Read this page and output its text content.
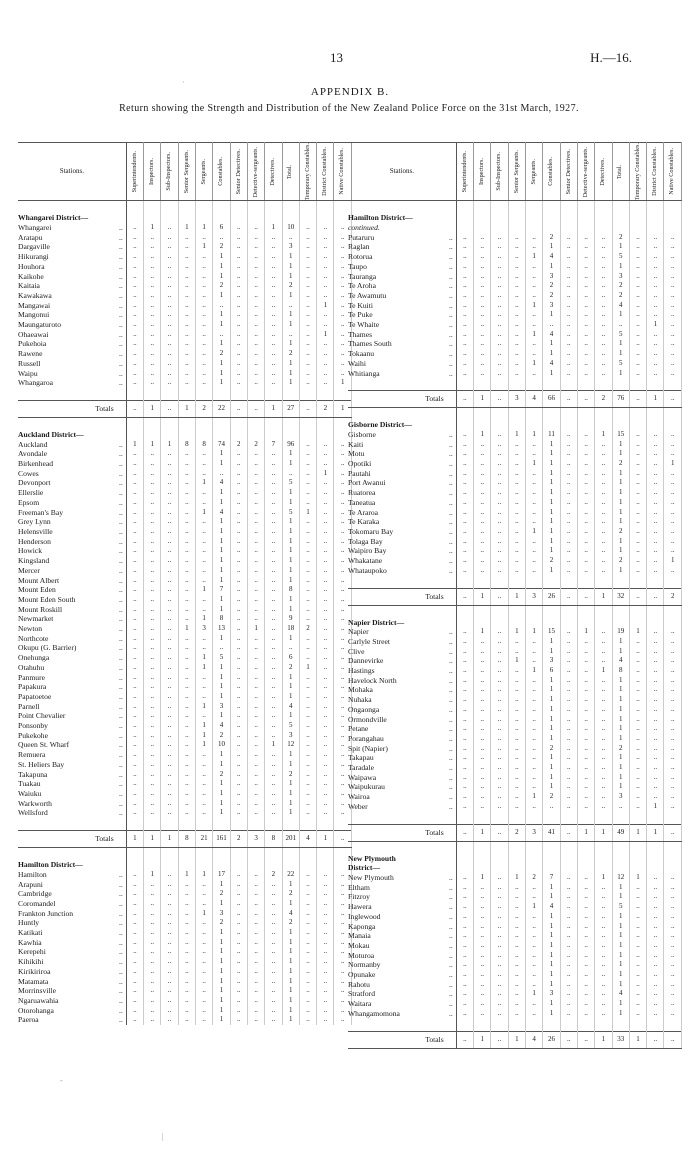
13	H.—16.
APPENDIX B.
Return showing the Strength and Distribution of the New Zealand Police Force on the 31st March, 1927.
Stations.	Superintendents.	Inspectors.	Sub-Inspectors.	Senior Sergeants.	Sergeants.	Constables.	Senior Detectives.	Detective-sergeants.	Detectives.	Total.	Temporary Constables.	District Constables.	Native Constables.

Whangarei District—													
Whangarei ..	..	1	..	1	1	6	..	..	1	10	..	..	..
Aratapu ..	..	..	..	..	..	..	..	..	..	..	..	..	..
Dargaville ..	..	..	..	..	1	2	..	..	..	3	..	..	..
Hikurangi ..	..	..	..	..	..	1	..	..	..	1	..	..	..
Houhora ..	..	..	..	..	..	1	..	..	..	1	..	..	..
Kaikohe ..	..	..	..	..	..	1	..	..	..	1	..	..	..
Kaitaia ..	..	..	..	..	..	2	..	..	..	2	..	..	..
Kawakawa ..	..	..	..	..	..	1	..	..	..	1	..	..	..
Mangawai ..	..	..	..	..	..	..	..	..	..	..	..	1	..
Mangonui ..	..	..	..	..	..	1	..	..	..	1	..	..	..
Maungaturoto ..	..	..	..	..	..	1	..	..	..	1	..	..	..
Ohaeawai ..	..	..	..	..	..	..	..	..	..	..	..	1	..
Pukehoia ..	..	..	..	..	..	1	..	..	..	1	..	..	..
Rawene ..	..	..	..	..	..	2	..	..	..	2	..	..	..
Russell ..	..	..	..	..	..	1	..	..	..	1	..	..	..
Waipu ..	..	..	..	..	..	1	..	..	..	1	..	..	..
Whangaroa ..	..	..	..	..	..	1	..	..	..	1	..	..	1

Totals	..	1	..	1	2	22	..	..	1	27	..	2	1

Auckland District—													
Auckland ..	1	1	1	8	8	74	2	2	7	96	..	..	..
Avondale ..	..	..	..	..	..	1	..	..	..	1	..	..	..
Birkenhead ..	..	..	..	..	..	1	..	..	..	1	..	..	..
Cowes ..	..	..	..	..	..	..	..	..	..	..	..	1	..
Devonport ..	..	..	..	..	1	4	..	..	..	5	..	..	..
Ellerslie ..	..	..	..	..	..	1	..	..	..	1	..	..	..
Epsom ..	..	..	..	..	..	1	..	..	..	1	..	..	..
Freeman's Bay ..	..	..	..	..	1	4	..	..	..	5	1	..	..
Grey Lynn ..	..	..	..	..	..	1	..	..	..	1	..	..	..
Helensville ..	..	..	..	..	..	1	..	..	..	1	..	..	..
Henderson ..	..	..	..	..	..	1	..	..	..	1	..	..	..
Howick ..	..	..	..	..	..	1	..	..	..	1	..	..	..
Kingsland ..	..	..	..	..	..	1	..	..	..	1	..	..	..
Mercer ..	..	..	..	..	..	1	..	..	..	1	..	..	..
Mount Albert ..	..	..	..	..	..	1	..	..	..	1	..	..	..
Mount Eden ..	..	..	..	..	1	7	..	..	..	8	..	..	..
Mount Eden South ..	..	..	..	..	..	1	..	..	..	1	..	..	..
Mount Roskill ..	..	..	..	..	..	1	..	..	..	1	..	..	..
Newmarket ..	..	..	..	..	1	8	..	..	..	9	..	..	..
Newton ..	..	..	..	1	3	13	..	1	..	18	2	..	..
Northcote ..	..	..	..	..	..	1	..	..	..	1	..	..	..
Okupu (G. Barrier) ..	..	..	..	..	..	..	..	..	..	..	..	..	..
Onehunga ..	..	..	..	..	1	5	..	..	..	6	..	..	..
Otahuhu ..	..	..	..	..	1	1	..	..	..	2	1	..	..
Panmure ..	..	..	..	..	..	1	..	..	..	1	..	..	..
Papakura ..	..	..	..	..	..	1	..	..	..	1	..	..	..
Papatoetoe ..	..	..	..	..	..	1	..	..	..	1	..	..	..
Parnell ..	..	..	..	..	1	3	..	..	..	4	..	..	..
Point Chevalier ..	..	..	..	..	..	1	..	..	..	1	..	..	..
Ponsonby ..	..	..	..	..	1	4	..	..	..	5	..	..	..
Pukekohe ..	..	..	..	..	1	2	..	..	..	3	..	..	..
Queen St. Wharf ..	..	..	..	..	1	10	..	..	1	12	..	..	..
Remuera ..	..	..	..	..	..	1	..	..	..	1	..	..	..
St. Heliers Bay ..	..	..	..	..	..	1	..	..	..	1	..	..	..
Takapuna ..	..	..	..	..	..	2	..	..	..	2	..	..	..
Tuakau ..	..	..	..	..	..	1	..	..	..	1	..	..	..
Waiuku ..	..	..	..	..	..	1	..	..	..	1	..	..	..
Warkworth ..	..	..	..	..	..	1	..	..	..	1	..	..	..
Wellsford ..	..	..	..	..	..	1	..	..	..	1	..	..	..

Totals	1	1	1	8	21	161	2	3	8	201	4	1	..

Hamilton District—													
Hamilton ..	..	1	..	1	1	17	..	..	2	22	..	..	..
Arapuni ..	..	..	..	..	..	1	..	..	..	1	..	..	..
Cambridge ..	..	..	..	..	..	2	..	..	..	2	..	..	..
Coromandel ..	..	..	..	..	..	1	..	..	..	1	..	..	..
Frankton Junction ..	..	..	..	..	1	3	..	..	..	4	..	..	..
Huntly ..	..	..	..	..	..	2	..	..	..	2	..	..	..
Katikati ..	..	..	..	..	..	1	..	..	..	1	..	..	..
Kawhia ..	..	..	..	..	..	1	..	..	..	1	..	..	..
Kerepehi ..	..	..	..	..	..	1	..	..	..	1	..	..	..
Kihikihi ..	..	..	..	..	..	1	..	..	..	1	..	..	..
Kirikiriroa ..	..	..	..	..	..	1	..	..	..	1	..	..	..
Matamata ..	..	..	..	..	..	1	..	..	..	1	..	..	..
Morrinsville ..	..	..	..	..	..	1	..	..	..	1	..	..	..
Ngaruawahia ..	..	..	..	..	..	1	..	..	..	1	..	..	..
Otorohanga ..	..	..	..	..	..	1	..	..	..	1	..	..	..
Paeroa ..	..	..	..	..	..	1	..	..	..	1	..	..	..
Stations.	Superintendents.	Inspectors.	Sub-Inspectors.	Senior Sergeants.	Sergeants.	Constables.	Senior Detectives.	Detective-sergeants.	Detectives.	Total.	Temporary Constables.	District Constables.	Native Constables.

Hamilton District—													
continued.													
Putaruru ..	..	..	..	..	..	2	..	..	..	2	..	..	..
Raglan ..	..	..	..	..	..	1	..	..	..	1	..	..	..
Rotorua ..	..	..	..	..	1	4	..	..	..	5	..	..	..
Taupo ..	..	..	..	..	..	1	..	..	..	1	..	..	..
Tauranga ..	..	..	..	..	..	3	..	..	..	3	..	..	..
Te Aroha ..	..	..	..	..	..	2	..	..	..	2	..	..	..
Te Awamutu ..	..	..	..	..	..	2	..	..	..	2	..	..	..
Te Kuiti ..	..	..	..	..	1	3	..	..	..	4	..	..	..
Te Puke ..	..	..	..	..	..	1	..	..	..	1	..	..	..
Te Whaite ..	..	..	..	..	..	..	..	..	..	..	..	1	..
Thames ..	..	..	..	..	1	4	..	..	..	5	..	..	..
Thames South ..	..	..	..	..	..	1	..	..	..	1	..	..	..
Tokaanu ..	..	..	..	..	..	1	..	..	..	1	..	..	..
Waihi ..	..	..	..	..	1	4	..	..	..	5	..	..	..
Whitianga ..	..	..	..	..	..	1	..	..	..	1	..	..	..

Totals	..	1	..	3	4	66	..	..	2	76	..	1	..

Gisborne District—													
Gisborne ..	..	1	..	1	1	11	..	..	1	15	..	..	..
Kaiti ..	..	..	..	..	..	1	..	..	..	1	..	..	..
Motu ..	..	..	..	..	..	1	..	..	..	1	..	..	..
Opotiki ..	..	..	..	..	1	1	..	..	..	2	..	..	1
Pautahi ..	..	..	..	..	..	1	..	..	..	1	..	..	..
Port Awanui ..	..	..	..	..	..	1	..	..	..	1	..	..	..
Ruatorea ..	..	..	..	..	..	1	..	..	..	1	..	..	..
Taneatua ..	..	..	..	..	..	1	..	..	..	1	..	..	..
Te Araroa ..	..	..	..	..	..	1	..	..	..	1	..	..	..
Te Karaka ..	..	..	..	..	..	1	..	..	..	1	..	..	..
Tokomaru Bay ..	..	..	..	..	1	1	..	..	..	2	..	..	..
Tolaga Bay ..	..	..	..	..	..	1	..	..	..	1	..	..	..
Waipiro Bay ..	..	..	..	..	..	1	..	..	..	1	..	..	..
Whakatane ..	..	..	..	..	..	2	..	..	..	2	..	..	1
Whataupoko ..	..	..	..	..	..	1	..	..	..	1	..	..	..

Totals	..	1	..	1	3	26	..	..	1	32	..	..	2

Napier District—													
Napier ..	..	1	..	1	1	15	..	1	..	19	1	..	..
Carlyle Street ..	..	..	..	..	..	1	..	..	..	1	..	..	..
Clive ..	..	..	..	..	..	1	..	..	..	1	..	..	..
Dannevirke ..	..	..	..	1	..	3	..	..	..	4	..	..	..
Hastings ..	..	..	..	..	1	6	..	..	1	8	..	..	..
Havelock North ..	..	..	..	..	..	1	..	..	..	1	..	..	..
Mohaka ..	..	..	..	..	..	1	..	..	..	1	..	..	..
Nuhaka ..	..	..	..	..	..	1	..	..	..	1	..	..	..
Ongaonga ..	..	..	..	..	..	1	..	..	..	1	..	..	..
Ormondville ..	..	..	..	..	..	1	..	..	..	1	..	..	..
Petane ..	..	..	..	..	..	1	..	..	..	1	..	..	..
Porangahau ..	..	..	..	..	..	1	..	..	..	1	..	..	..
Spit (Napier) ..	..	..	..	..	..	2	..	..	..	2	..	..	..
Takapau ..	..	..	..	..	..	1	..	..	..	1	..	..	..
Taradale ..	..	..	..	..	..	1	..	..	..	1	..	..	..
Waipawa ..	..	..	..	..	..	1	..	..	..	1	..	..	..
Waipukurau ..	..	..	..	..	..	1	..	..	..	1	..	..	..
Wairoa ..	..	..	..	..	1	2	..	..	..	3	..	..	..
Weber ..	..	..	..	..	..	..	..	..	..	..	..	1	..

Totals	..	1	..	2	3	41	..	1	1	49	1	1	..

New Plymouth													
District—													
New Plymouth ..	..	1	..	1	2	7	..	..	1	12	1	..	..
Eltham ..	..	..	..	..	..	1	..	..	..	1	..	..	..
Fitzroy ..	..	..	..	..	..	1	..	..	..	1	..	..	..
Hawera ..	..	..	..	..	1	4	..	..	..	5	..	..	..
Inglewood ..	..	..	..	..	..	1	..	..	..	1	..	..	..
Kaponga ..	..	..	..	..	..	1	..	..	..	1	..	..	..
Manaia ..	..	..	..	..	..	1	..	..	..	1	..	..	..
Mokau ..	..	..	..	..	..	1	..	..	..	1	..	..	..
Moturoa ..	..	..	..	..	..	1	..	..	..	1	..	..	..
Normanby ..	..	..	..	..	..	1	..	..	..	1	..	..	..
Opunake ..	..	..	..	..	..	1	..	..	..	1	..	..	..
Rahotu ..	..	..	..	..	..	1	..	..	..	1	..	..	..
Stratford ..	..	..	..	..	1	3	..	..	..	4	..	..	..
Waitara ..	..	..	..	..	..	1	..	..	..	1	..	..	..
Whangamomona ..	..	..	..	..	..	1	..	..	..	1	..	..	..

Totals	..	1	..	1	4	26	..	..	1	33	1	..	..
·
‐
|
